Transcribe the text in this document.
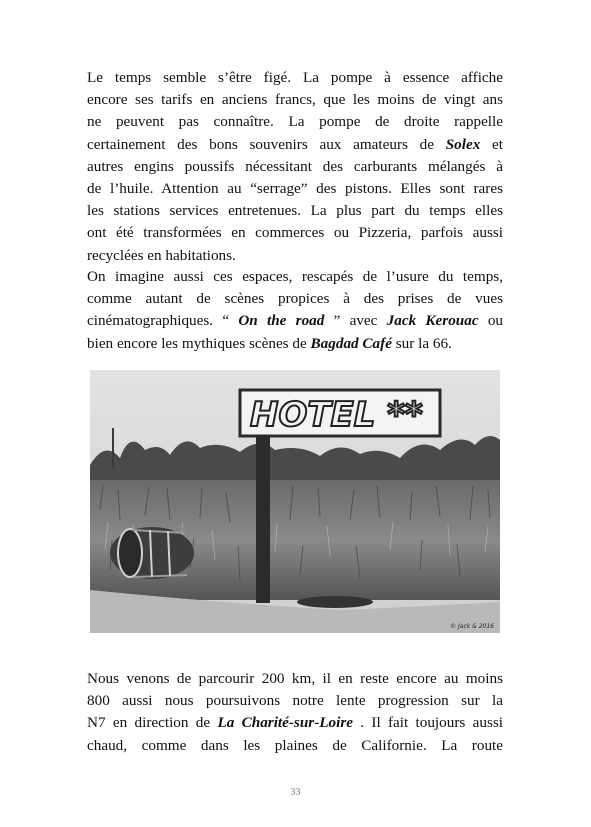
Le temps semble s’être figé. La pompe à essence affiche
encore ses tarifs en anciens francs, que les moins de vingt ans
ne peuvent pas connaître. La pompe de droite rappelle
certainement des bons souvenirs aux amateurs de Solex et
autres engins poussifs nécessitant des carburants mélangés à
de l’huile. Attention au “serrage” des pistons. Elles sont rares
les stations services entretenues. La plus part du temps elles
ont été transformées en commerces ou Pizzeria, parfois aussi
recyclées en habitations.
On imagine aussi ces espaces, rescapés de l’usure du temps,
comme autant de scènes propices à des prises de vues
cinématographiques. “ On the road ” avec Jack Kerouac ou
bien encore les mythiques scènes de Bagdad Café sur la 66.
HOTEL **
© Jack & 2016
Nous venons de parcourir 200 km, il en reste encore au moins
800 aussi nous poursuivons notre lente progression sur la
N7 en direction de La Charité-sur-Loire . Il fait toujours aussi
chaud, comme dans les plaines de Californie. La route
33
